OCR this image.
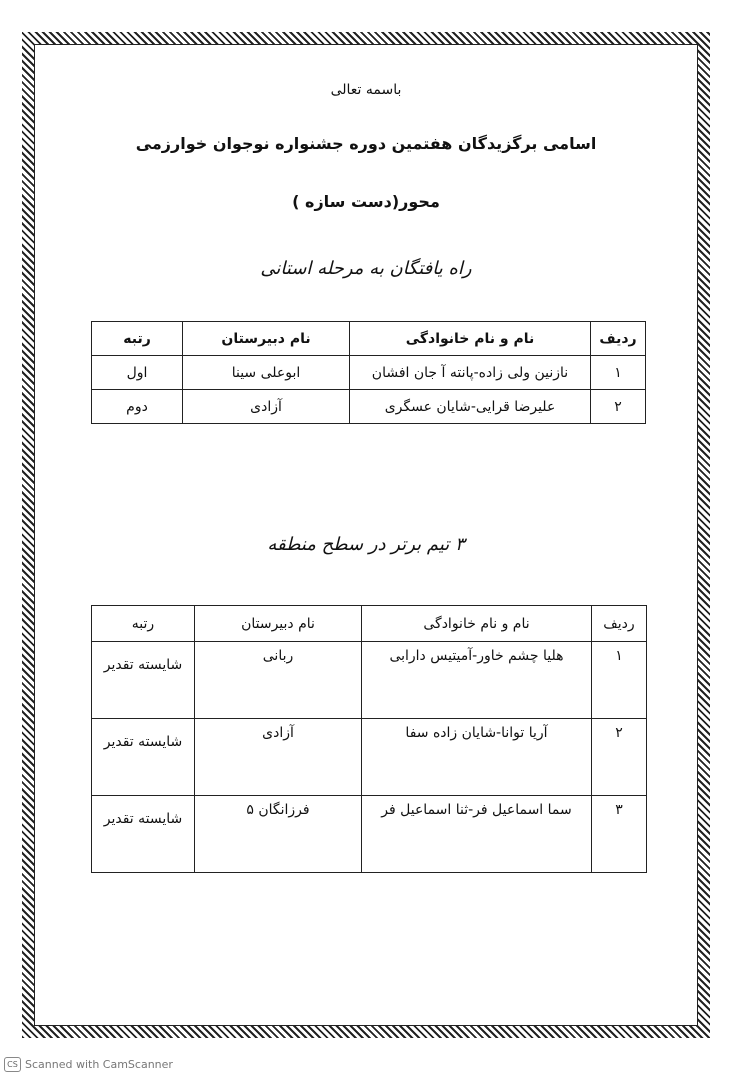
باسمه تعالی
اسامی برگزیدگان هفتمین دوره جشنواره نوجوان خوارزمی
محور(دست سازه )
راه یافتگان به مرحله استانی
ردیف	نام و نام خانوادگی	نام دبیرستان	رتبه
۱	نازنین ولی زاده-پانته آ جان افشان	ابوعلی سینا	اول
۲	علیرضا قرایی-شایان عسگری	آزادی	دوم
۳ تیم برتر در سطح منطقه
ردیف	نام و نام خانوادگی	نام دبیرستان	رتبه
۱	هلیا چشم خاور-آمیتیس دارابی	ربانی	شایسته تقدیر
۲	آریا توانا-شایان زاده سفا	آزادی	شایسته تقدیر
۳	سما اسماعیل فر-ثنا اسماعیل فر	فرزانگان ۵	شایسته تقدیر
CS Scanned with CamScanner
